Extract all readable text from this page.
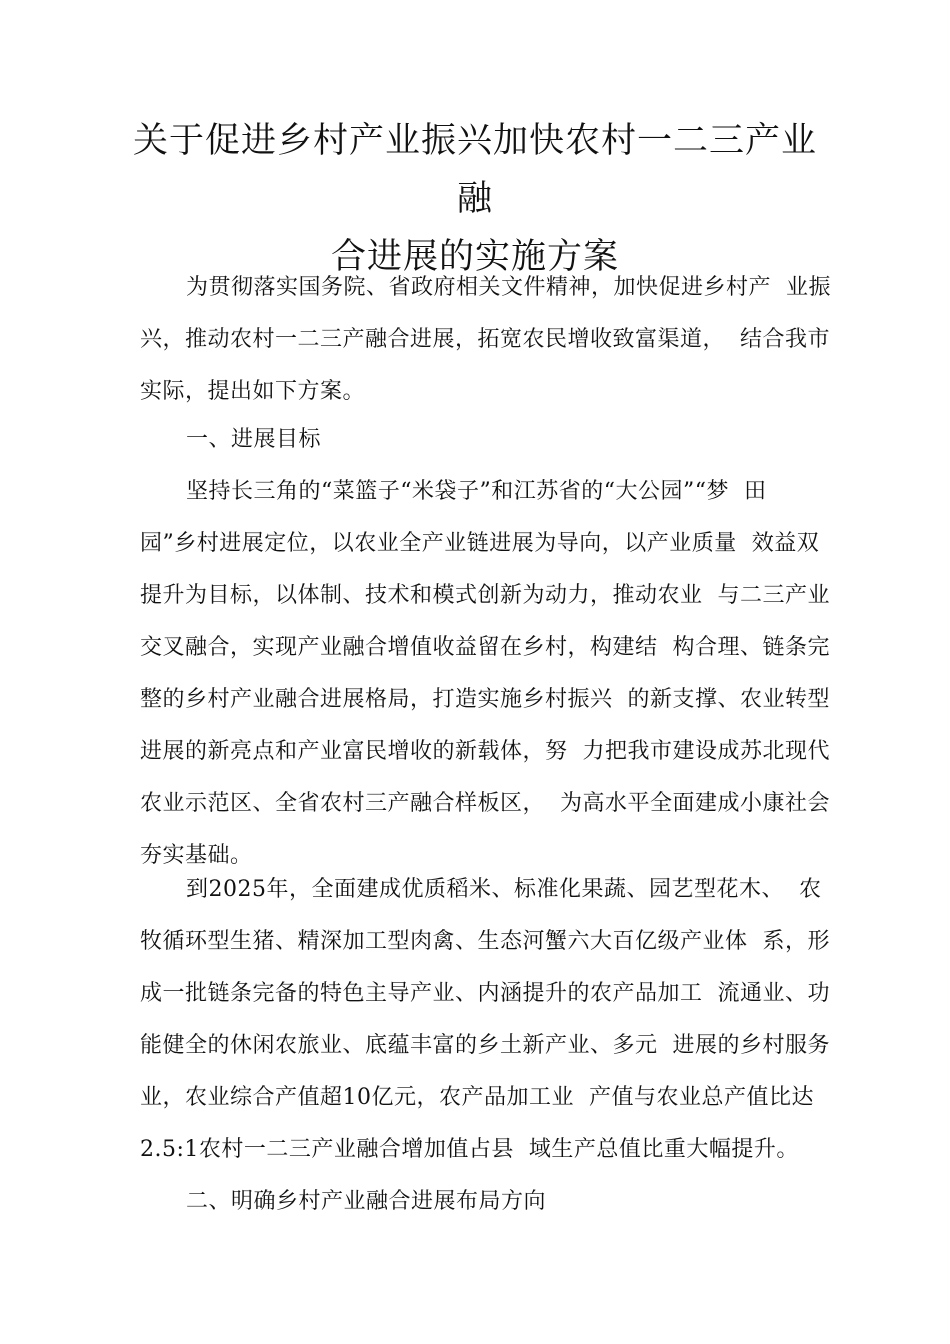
关于促进乡村产业振兴加快农村一二三产业融
合进展的实施方案
为贯彻落实国务院、省政府相关文件精神，加快促进乡村产  业振
兴，推动农村一二三产融合进展，拓宽农民增收致富渠道，  结合我市
实际，提出如下方案。
一、进展目标
坚持长三角的“菜篮子“米袋子”和江苏省的“大公园”“梦  田
园”乡村进展定位，以农业全产业链进展为导向，以产业质量  效益双
提升为目标，以体制、技术和模式创新为动力，推动农业  与二三产业
交叉融合，实现产业融合增值收益留在乡村，构建结  构合理、链条完
整的乡村产业融合进展格局，打造实施乡村振兴  的新支撑、农业转型
进展的新亮点和产业富民增收的新载体，努  力把我市建设成苏北现代
农业示范区、全省农村三产融合样板区，  为高水平全面建成小康社会
夯实基础。
到2025年，全面建成优质稻米、标准化果蔬、园艺型花木、  农
牧循环型生猪、精深加工型肉禽、生态河蟹六大百亿级产业体  系，形
成一批链条完备的特色主导产业、内涵提升的农产品加工  流通业、功
能健全的休闲农旅业、底蕴丰富的乡土新产业、多元  进展的乡村服务
业，农业综合产值超10亿元，农产品加工业  产值与农业总产值比达
2.5:1农村一二三产业融合增加值占县  域生产总值比重大幅提升。
二、明确乡村产业融合进展布局方向
